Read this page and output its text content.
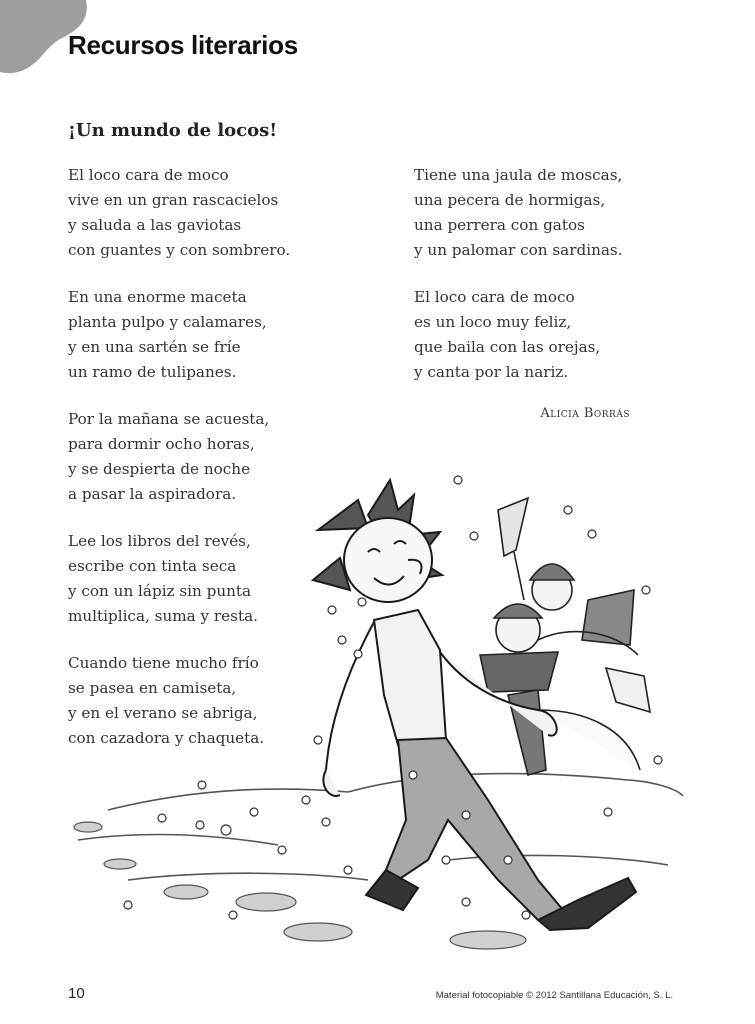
Recursos literarios
¡Un mundo de locos!

El loco cara de moco
vive en un gran rascacielos
y saluda a las gaviotas
con guantes y con sombrero.

En una enorme maceta
planta pulpo y calamares,
y en una sartén se fríe
un ramo de tulipanes.

Por la mañana se acuesta,
para dormir ocho horas,
y se despierta de noche
a pasar la aspiradora.

Lee los libros del revés,
escribe con tinta seca
y con un lápiz sin punta
multiplica, suma y resta.

Cuando tiene mucho frío
se pasea en camiseta,
y en el verano se abriga,
con cazadora y chaqueta.

Tiene una jaula de moscas,
una pecera de hormigas,
una perrera con gatos
y un palomar con sardinas.

El loco cara de moco
es un loco muy feliz,
que baila con las orejas,
y canta por la nariz.

Alicia Borrás
10	Material fotocopiable © 2012 Santillana Educación, S. L.
